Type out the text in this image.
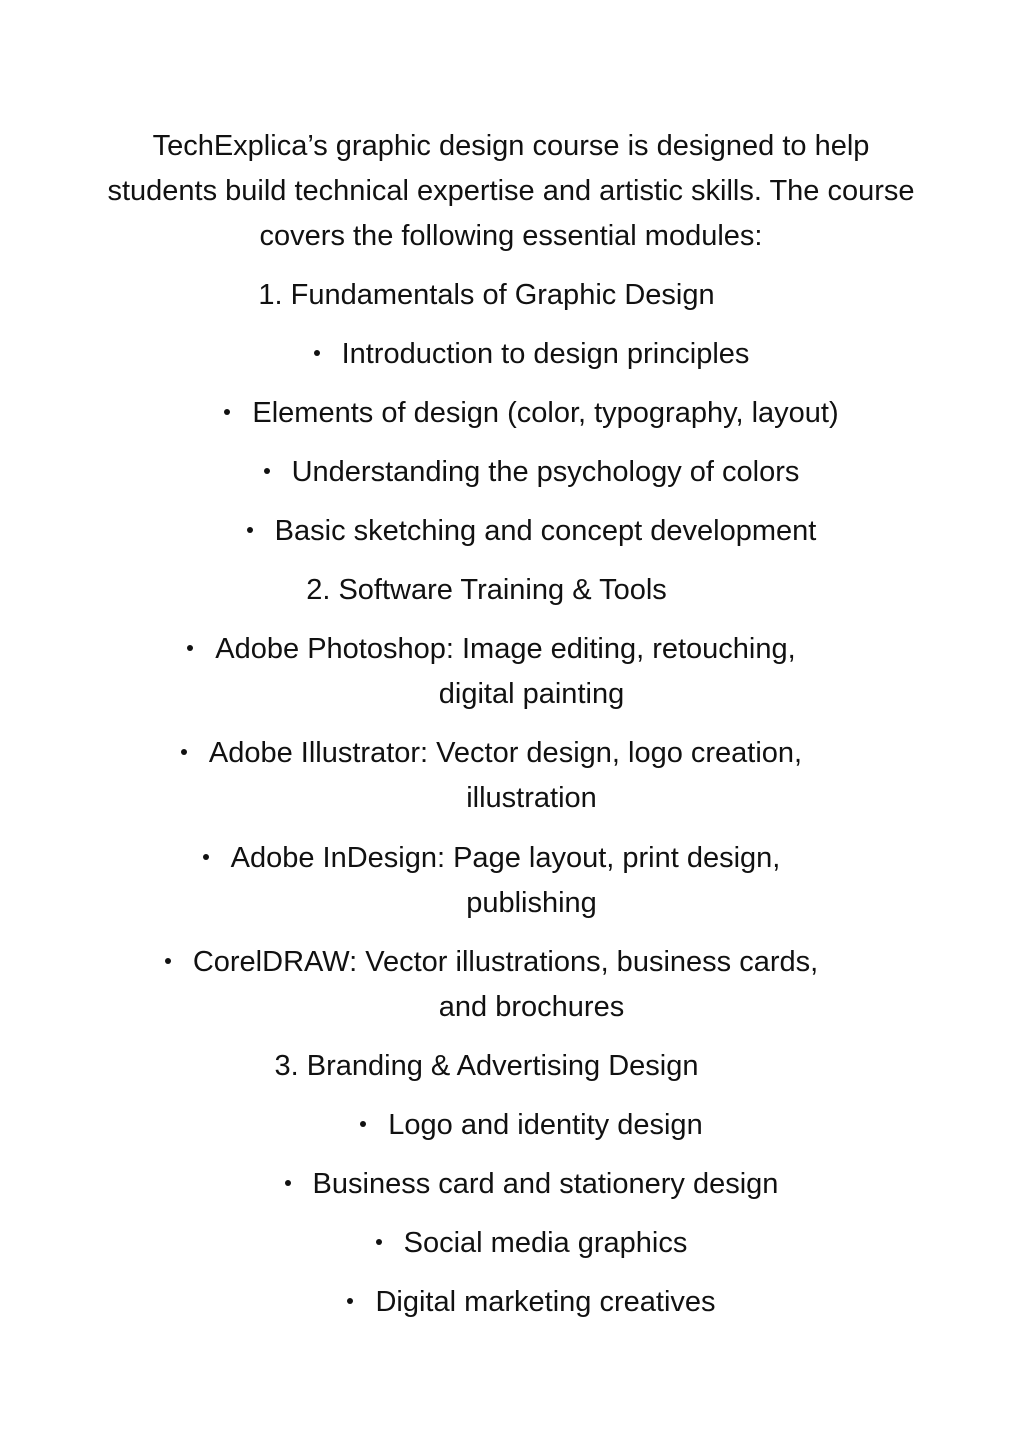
TechExplica’s graphic design course is designed to help students build technical expertise and artistic skills. The course covers the following essential modules:

1. Fundamentals of Graphic Design

Introduction to design principles

Elements of design (color, typography, layout)

Understanding the psychology of colors

Basic sketching and concept development

2. Software Training & Tools

Adobe Photoshop: Image editing, retouching,
digital painting
Adobe Illustrator: Vector design, logo creation,
illustration
Adobe InDesign: Page layout, print design,
publishing
CorelDRAW: Vector illustrations, business cards,
and brochures

3. Branding & Advertising Design

Logo and identity design

Business card and stationery design

Social media graphics

Digital marketing creatives
